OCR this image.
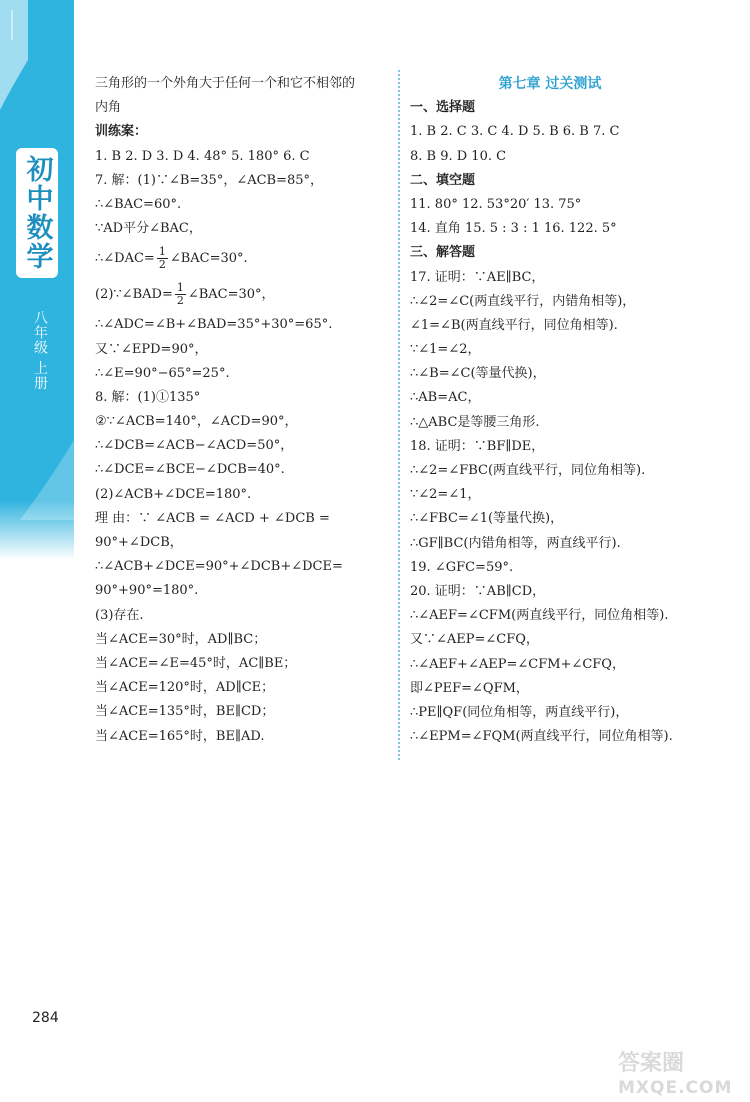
初中数学
八年级 上册
284
三角形的一个外角大于任何一个和它不相邻的
内角
训练案：
1. B 2. D 3. D 4. 48° 5. 180° 6. C
7. 解：(1)∵∠B=35°，∠ACB=85°，
∴∠BAC=60°.
∵AD平分∠BAC，
∴∠DAC= $\frac{1}{2}$ ∠BAC=30°.
(2)∵∠BAD= $\frac{1}{2}$ ∠BAC=30°，
∴∠ADC=∠B+∠BAD=35°+30°=65°.
又∵∠EPD=90°，
∴∠E=90°−65°=25°.
8. 解：(1)①135°
②∵∠ACB=140°，∠ACD=90°，
∴∠DCB=∠ACB−∠ACD=50°，
∴∠DCE=∠BCE−∠DCB=40°.
(2)∠ACB+∠DCE=180°.
理 由：∵ ∠ACB = ∠ACD + ∠DCB =
90°+∠DCB，
∴∠ACB+∠DCE=90°+∠DCB+∠DCE=
90°+90°=180°.
(3)存在.
当∠ACE=30°时，AD∥BC；
当∠ACE=∠E=45°时，AC∥BE；
当∠ACE=120°时，AD∥CE；
当∠ACE=135°时，BE∥CD；
当∠ACE=165°时，BE∥AD.
第七章 过关测试
一、选择题
1. B 2. C 3. C 4. D 5. B 6. B 7. C
8. B 9. D 10. C
二、填空题
11. 80° 12. 53°20′ 13. 75°
14. 直角 15. 5 : 3 : 1 16. 122. 5°
三、解答题
17. 证明：∵AE∥BC，
∴∠2=∠C(两直线平行，内错角相等)，
∠1=∠B(两直线平行，同位角相等).
∵∠1=∠2，
∴∠B=∠C(等量代换)，
∴AB=AC，
∴△ABC是等腰三角形.
18. 证明：∵BF∥DE，
∴∠2=∠FBC(两直线平行，同位角相等).
∵∠2=∠1，
∴∠FBC=∠1(等量代换)，
∴GF∥BC(内错角相等，两直线平行).
19. ∠GFC=59°.
20. 证明：∵AB∥CD，
∴∠AEF=∠CFM(两直线平行，同位角相等).
又∵∠AEP=∠CFQ，
∴∠AEF+∠AEP=∠CFM+∠CFQ，
即∠PEF=∠QFM，
∴PE∥QF(同位角相等，两直线平行)，
∴∠EPM=∠FQM(两直线平行，同位角相等).
答案圈
MXQE.COM
